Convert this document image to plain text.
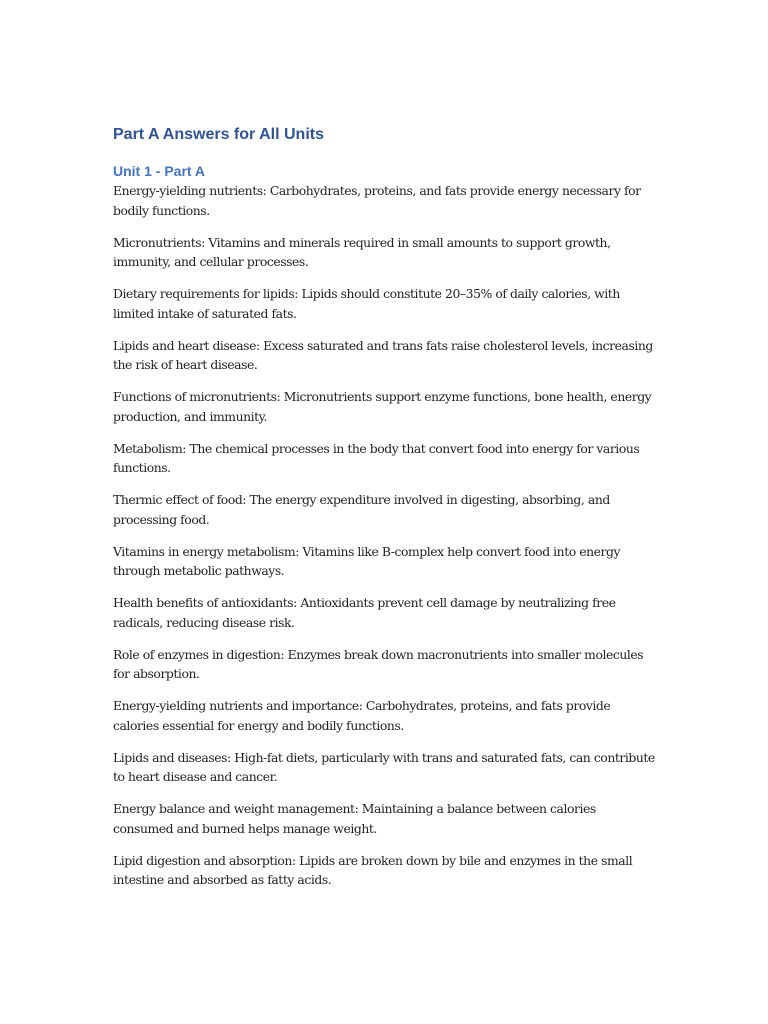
Part A Answers for All Units
Unit 1 - Part A

Energy-yielding nutrients: Carbohydrates, proteins, and fats provide energy necessary for bodily functions.

Micronutrients: Vitamins and minerals required in small amounts to support growth, immunity, and cellular processes.

Dietary requirements for lipids: Lipids should constitute 20–35% of daily calories, with limited intake of saturated fats.

Lipids and heart disease: Excess saturated and trans fats raise cholesterol levels, increasing the risk of heart disease.

Functions of micronutrients: Micronutrients support enzyme functions, bone health, energy production, and immunity.

Metabolism: The chemical processes in the body that convert food into energy for various functions.

Thermic effect of food: The energy expenditure involved in digesting, absorbing, and processing food.

Vitamins in energy metabolism: Vitamins like B-complex help convert food into energy through metabolic pathways.

Health benefits of antioxidants: Antioxidants prevent cell damage by neutralizing free radicals, reducing disease risk.

Role of enzymes in digestion: Enzymes break down macronutrients into smaller molecules for absorption.

Energy-yielding nutrients and importance: Carbohydrates, proteins, and fats provide calories essential for energy and bodily functions.

Lipids and diseases: High-fat diets, particularly with trans and saturated fats, can contribute to heart disease and cancer.

Energy balance and weight management: Maintaining a balance between calories consumed and burned helps manage weight.

Lipid digestion and absorption: Lipids are broken down by bile and enzymes in the small intestine and absorbed as fatty acids.
